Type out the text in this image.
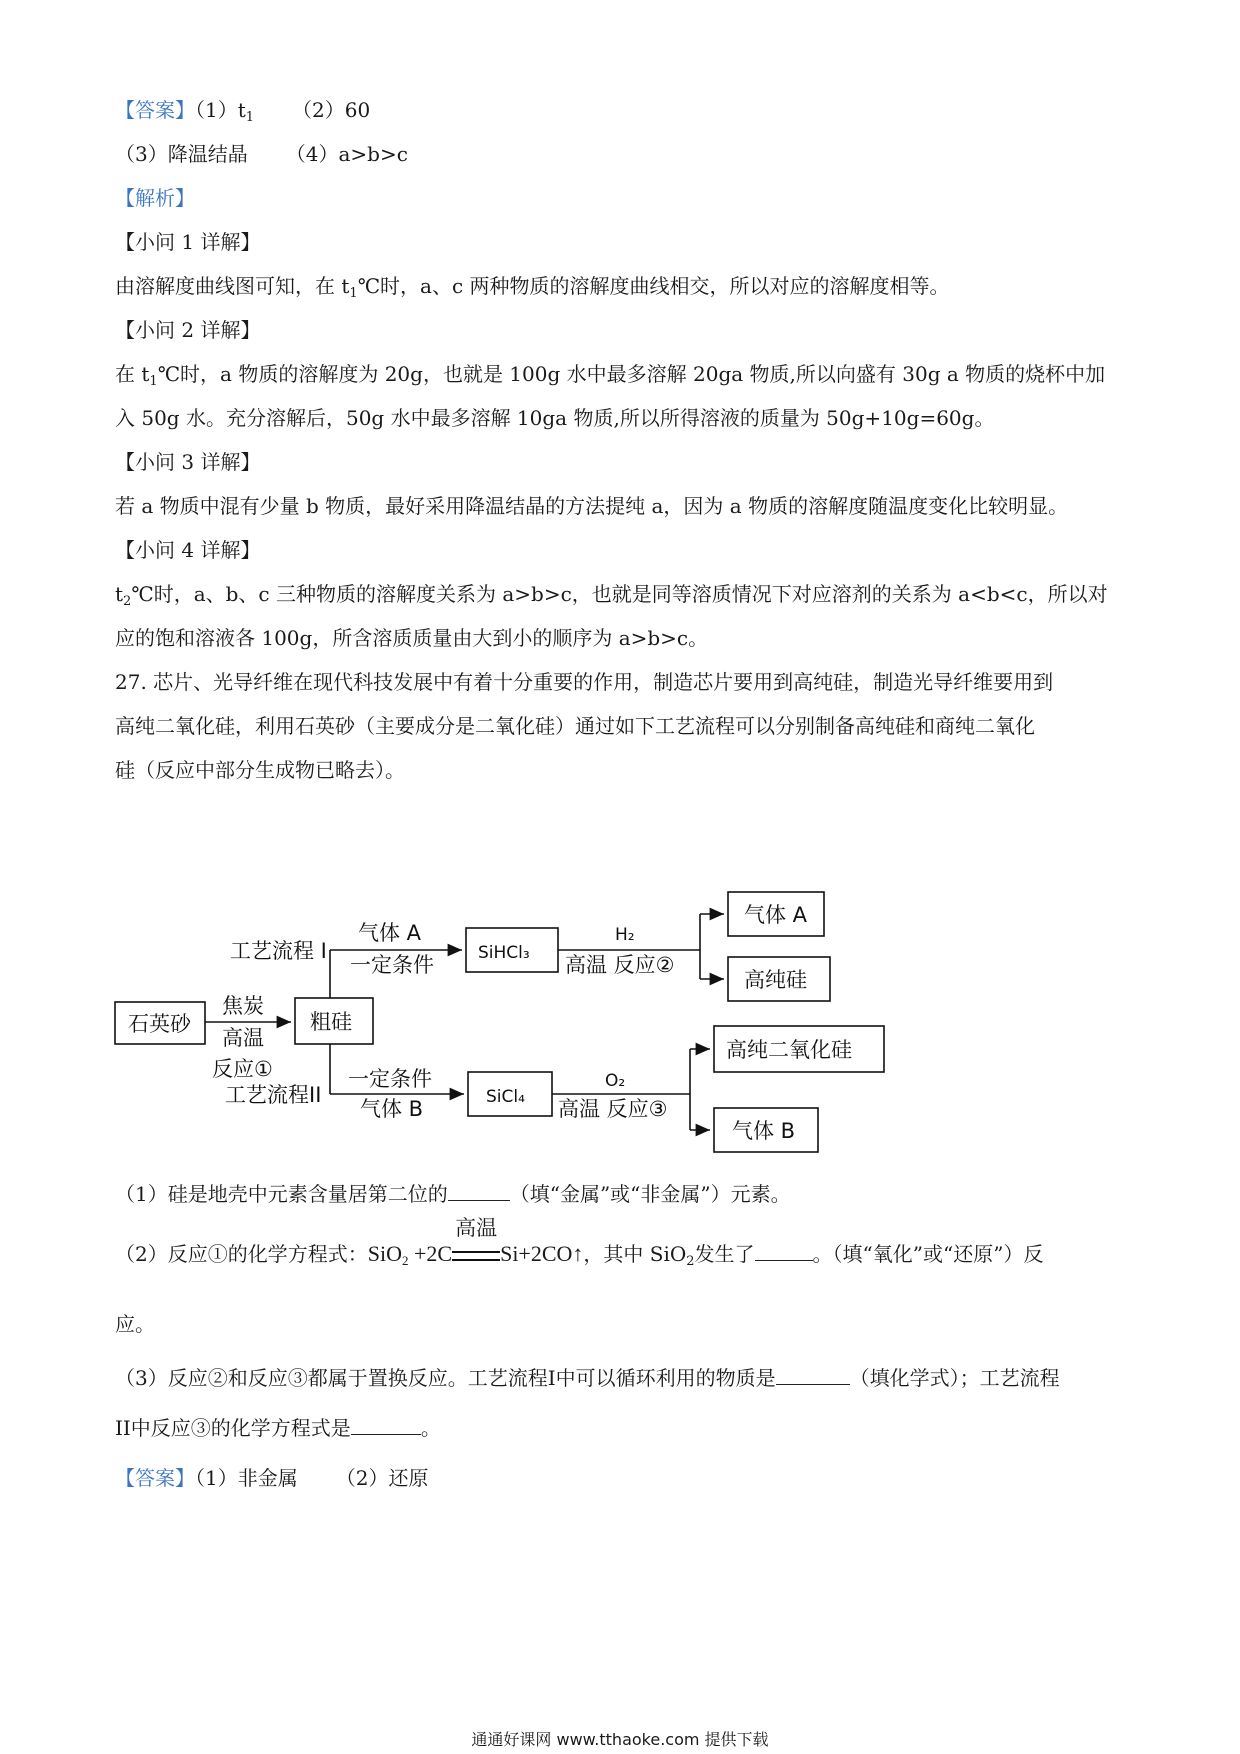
【答案】$(1)t_1$ （2）60
（3）降温结晶 （4）a>b>c
【解析】
【小问 1 详解】
由溶解度曲线图可知，在 $t_1℃$时，a、c 两种物质的溶解度曲线相交，所以对应的溶解度相等。
【小问 2 详解】
在 $t_1℃$时，a 物质的溶解度为 20g，也就是 100g 水中最多溶解 20ga 物质,所以向盛有 30g a 物质的烧杯中加
入 50g 水。充分溶解后，50g 水中最多溶解 10ga 物质,所以所得溶液的质量为 50g+10g=60g。
【小问 3 详解】
若 a 物质中混有少量 b 物质，最好采用降温结晶的方法提纯 a，因为 a 物质的溶解度随温度变化比较明显。
【小问 4 详解】
$t_2℃$时，a、b、c 三种物质的溶解度关系为 a>b>c，也就是同等溶质情况下对应溶剂的关系为 a<b<c，所以对
应的饱和溶液各 100g，所含溶质质量由大到小的顺序为 a>b>c。
27. 芯片、光导纤维在现代科技发展中有着十分重要的作用，制造芯片要用到高纯硅，制造光导纤维要用到
高纯二氧化硅，利用石英砂（主要成分是二氧化硅）通过如下工艺流程可以分别制备高纯硅和商纯二氧化
硅（反应中部分生成物已略去）。
石英砂
焦炭
高温
反应①
粗硅
工艺流程 I
工艺流程II
气体 A
一定条件
一定条件
气体 B
SiHCl₃
SiCl₄
H₂
高温 反应②
O₂
高温 反应③
气体 A
高纯硅
高纯二氧化硅
气体 B
（1）硅是地壳中元素含量居第二位的	（填“金属”或“非金属”）元素。
（2）反应①的化学方程式：SiO$_2$ +2C
高温
Si+2CO↑，其中 SiO$_2$发生了	。（填“氧化”或“还原”）反
应。
（3）反应②和反应③都属于置换反应。工艺流程I中可以循环利用的物质是	（填化学式）；工艺流程
II中反应③的化学方程式是	。
【答案】（1）非金属 （2）还原
通通好课网 www.tthaoke.com 提供下载
